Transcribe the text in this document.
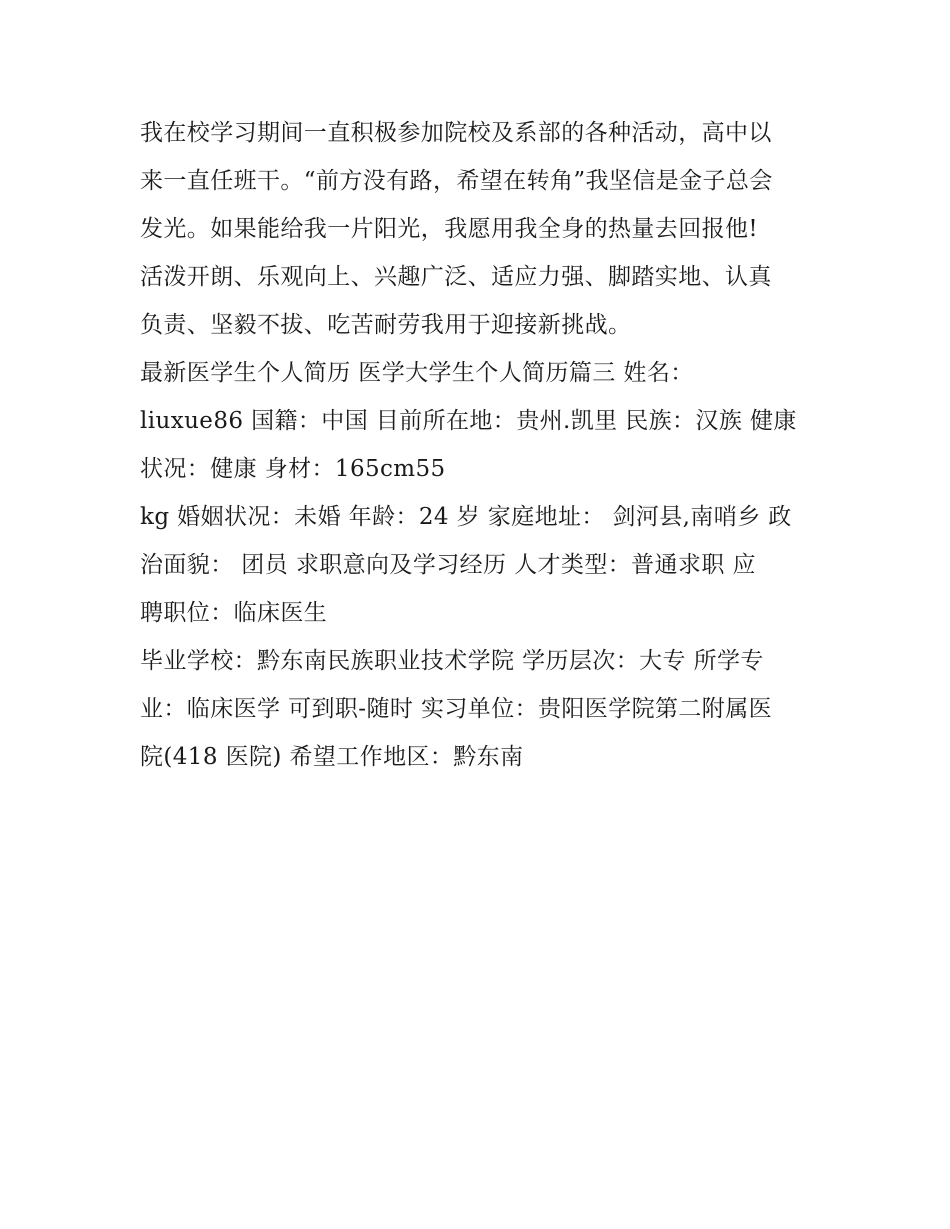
我在校学习期间一直积极参加院校及系部的各种活动，高中以
来一直任班干。“前方没有路，希望在转角”我坚信是金子总会
发光。如果能给我一片阳光，我愿用我全身的热量去回报他!
活泼开朗、乐观向上、兴趣广泛、适应力强、脚踏实地、认真
负责、坚毅不拔、吃苦耐劳我用于迎接新挑战。
最新医学生个人简历 医学大学生个人简历篇三 姓名：
liuxue86 国籍：中国 目前所在地：贵州.凯里 民族：汉族 健康
状况：健康 身材：165cm55
kg 婚姻状况：未婚 年龄：24 岁 家庭地址： 剑河县,南哨乡 政
治面貌： 团员 求职意向及学习经历 人才类型：普通求职 应
聘职位：临床医生
毕业学校：黔东南民族职业技术学院 学历层次：大专 所学专
业：临床医学 可到职-随时 实习单位：贵阳医学院第二附属医
院(418 医院) 希望工作地区：黔东南
